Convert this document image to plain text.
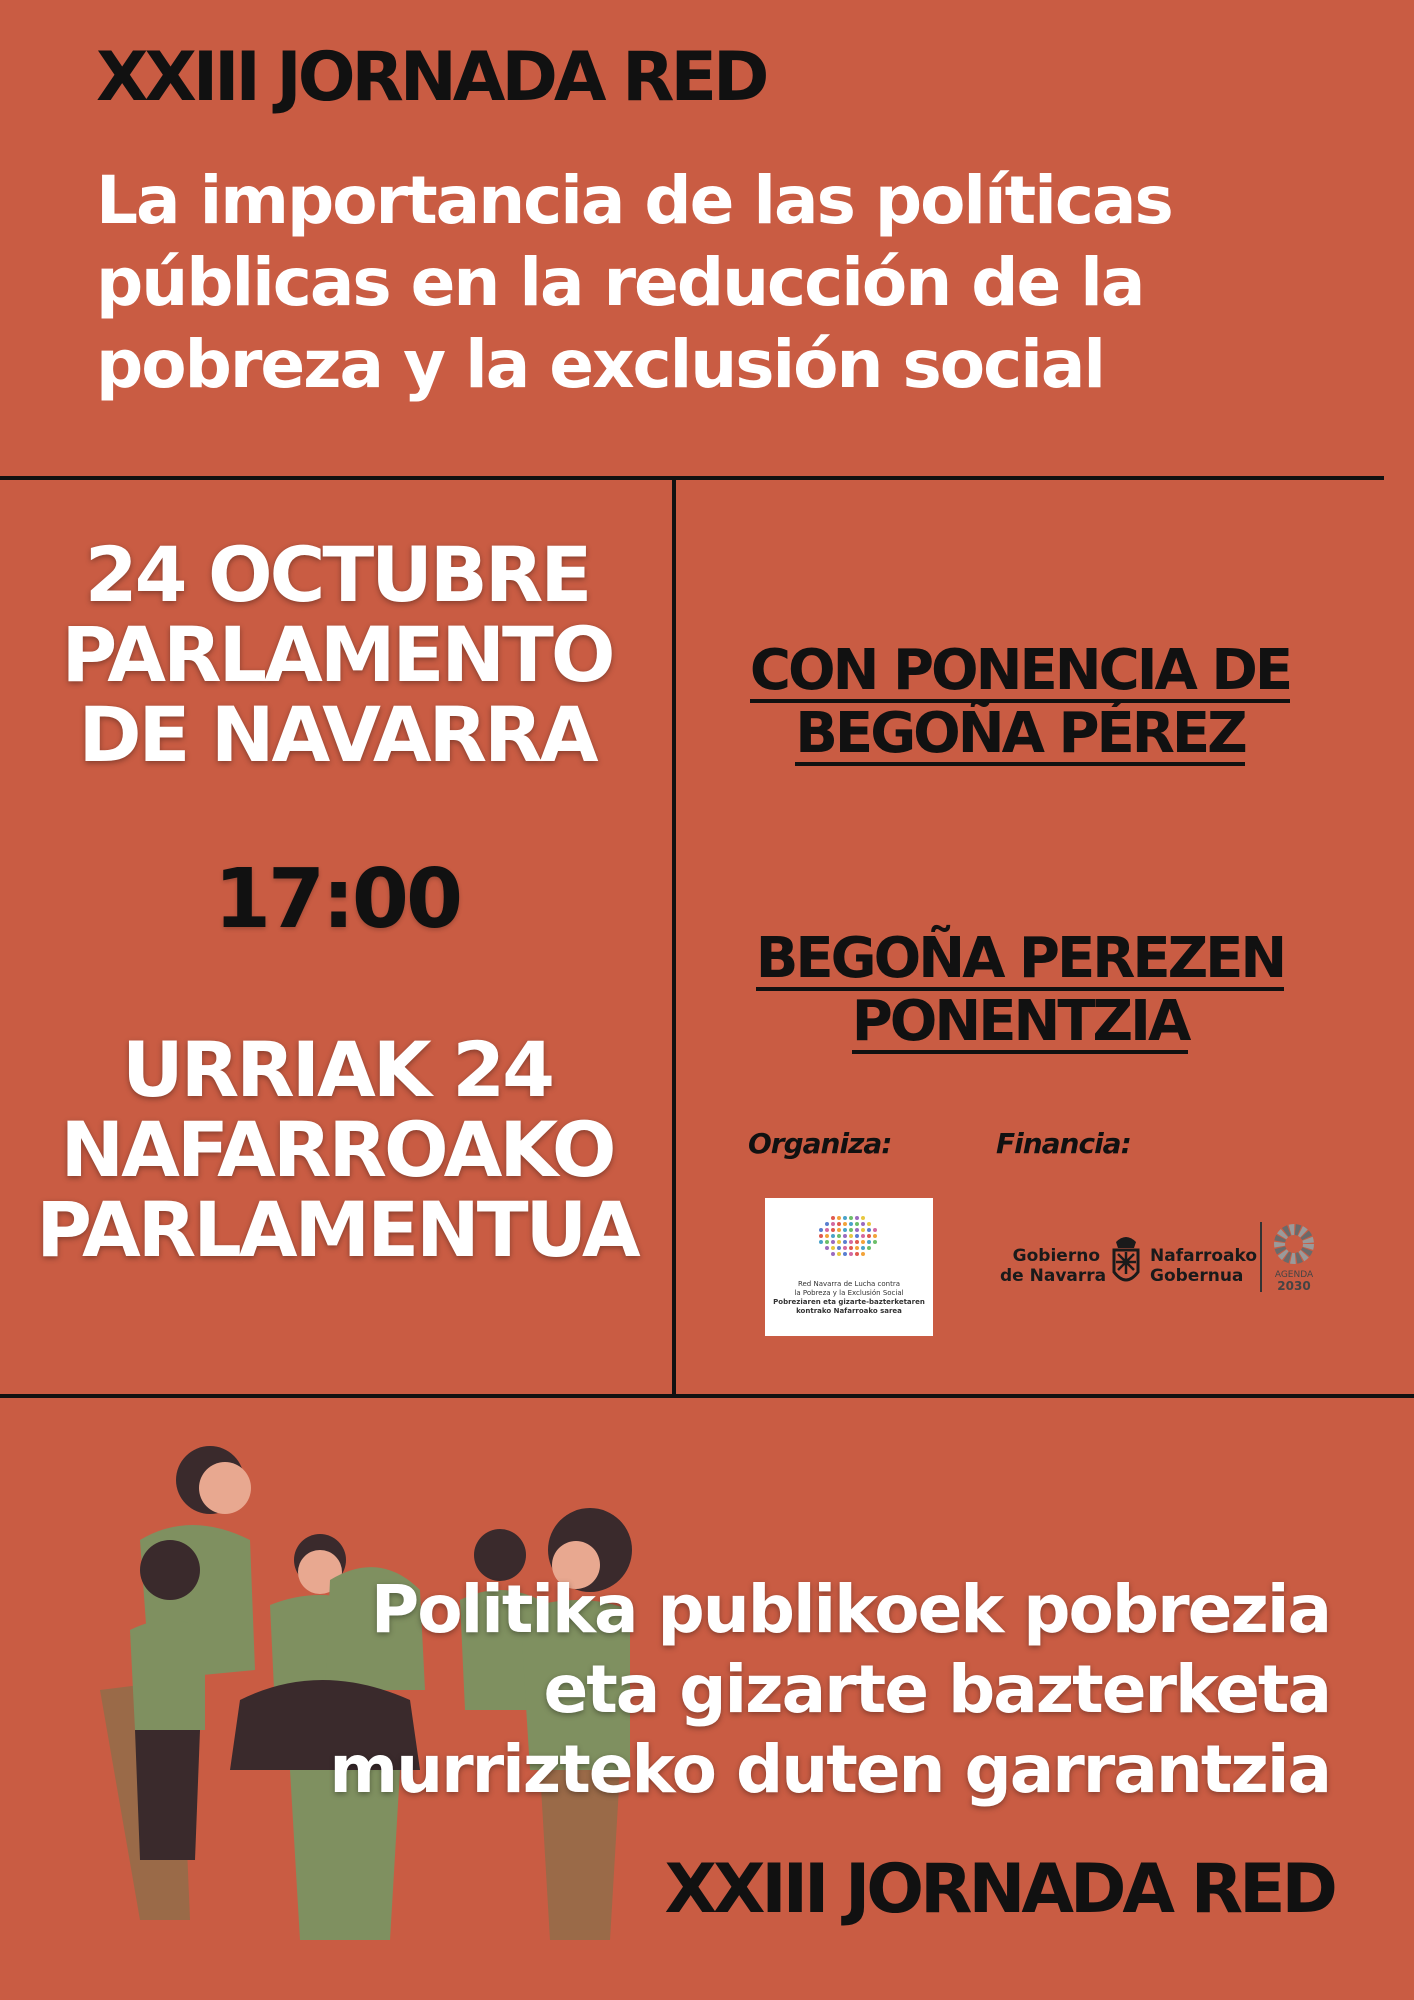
XXIII JORNADA RED
La importancia de las políticas
públicas en la reducción de la
pobreza y la exclusión social
24 OCTUBRE
PARLAMENTO
DE NAVARRA
17:00
URRIAK 24
NAFARROAKO
PARLAMENTUA
CON PONENCIA DE
BEGOÑA PÉREZ
BEGOÑA PEREZEN
PONENTZIA
Organiza:	Financia:
Red Navarra de Lucha contra
la Pobreza y la Exclusión Social
Pobreziaren eta gizarte-bazterketaren
kontrako Nafarroako sarea
Gobierno
de Navarra
Nafarroako
Gobernua	AGENDA
2030
Politika publikoek pobrezia
eta gizarte bazterketa
murrizteko duten garrantzia
XXIII JORNADA RED
